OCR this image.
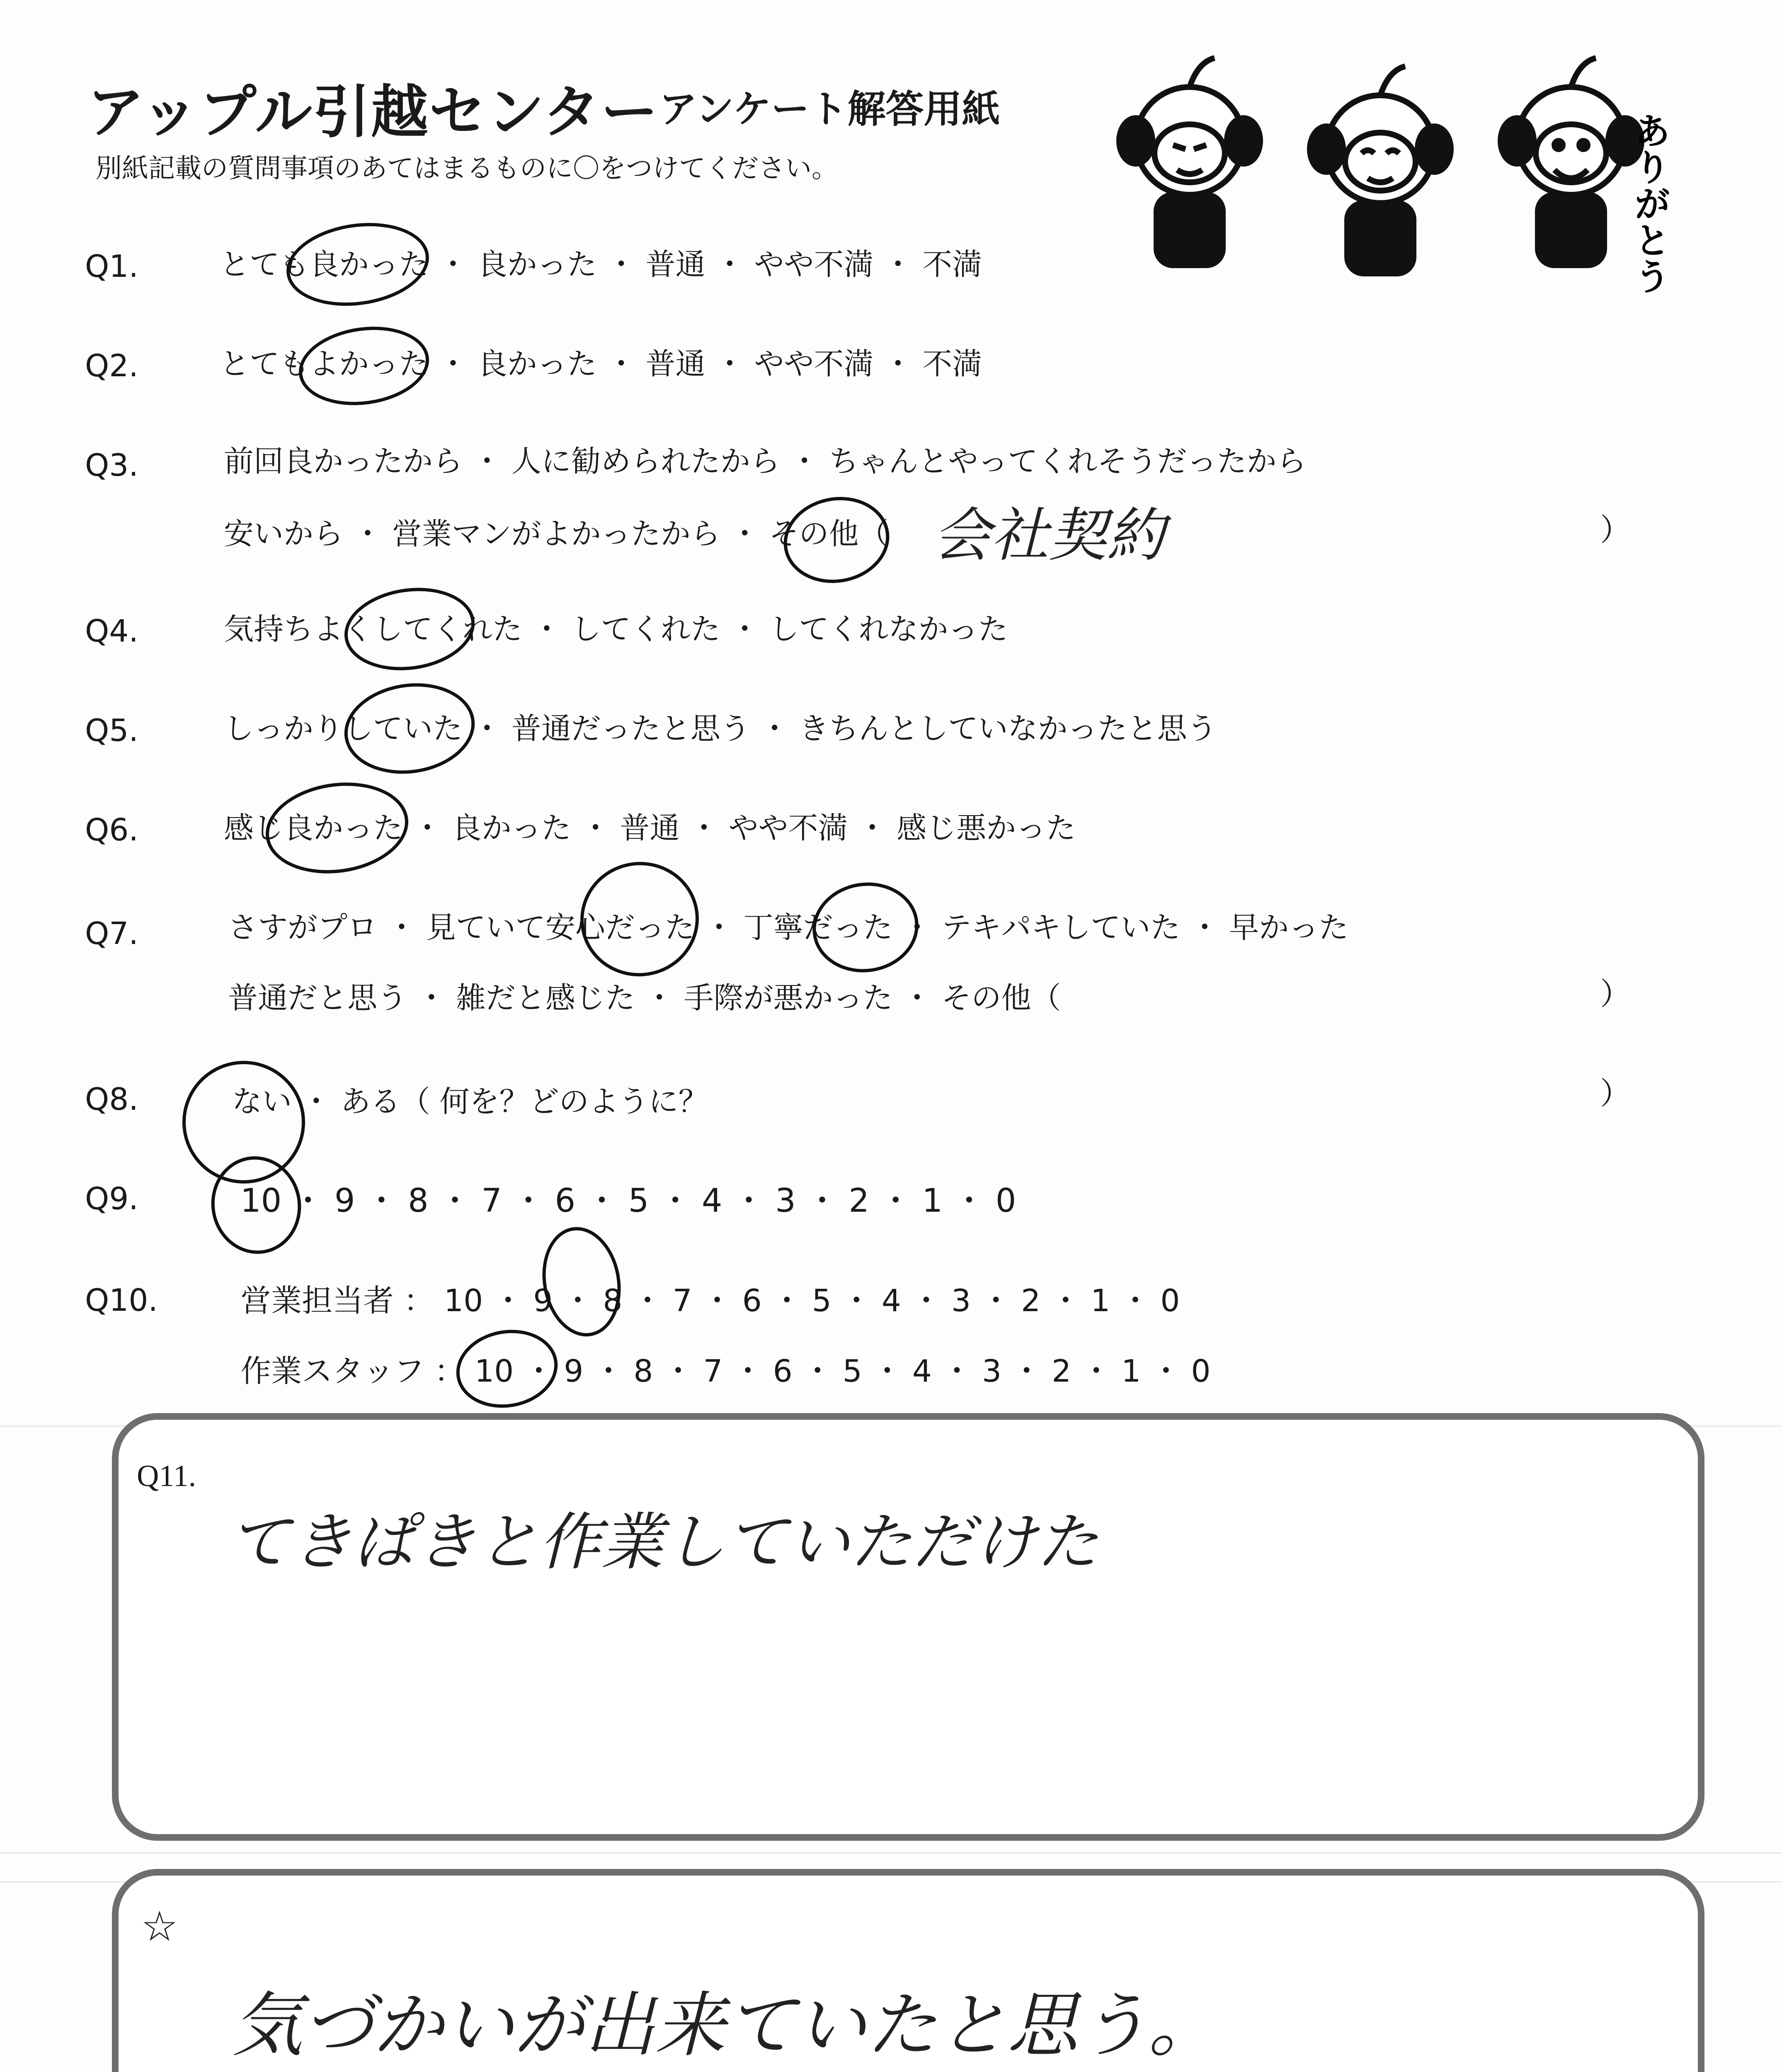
アップル引越センター アンケート解答用紙
別紙記載の質問事項のあてはまるものに〇をつけてください。	ありがとう
Q1.	とても良かった ・ 良かった ・ 普通 ・ やや不満 ・ 不満
Q2.	とてもよかった ・ 良かった ・ 普通 ・ やや不満 ・ 不満
Q3.	前回良かったから ・ 人に勧められたから ・ ちゃんとやってくれそうだったから
安いから ・ 営業マンがよかったから ・ その他（ 会社契約	）
Q4.	気持ちよくしてくれた ・ してくれた ・ してくれなかった
Q5.	しっかりしていた ・ 普通だったと思う ・ きちんとしていなかったと思う
Q6.	感じ良かった ・ 良かった ・ 普通 ・ やや不満 ・ 感じ悪かった
Q7.	さすがプロ ・ 見ていて安心だった ・ 丁寧だった ・ テキパキしていた ・ 早かった
普通だと思う ・ 雑だと感じた ・ 手際が悪かった ・ その他（	）
Q8.	ない ・ ある（ 何を？どのように？	）
Q9.	10 ・ 9 ・ 8 ・ 7 ・ 6 ・ 5 ・ 4 ・ 3 ・ 2 ・ 1 ・ 0
Q10.	営業担当者 ： 10 ・ 9 ・ 8 ・ 7 ・ 6 ・ 5 ・ 4 ・ 3 ・ 2 ・ 1 ・ 0
作業スタッフ ： 10 ・ 9 ・ 8 ・ 7 ・ 6 ・ 5 ・ 4 ・ 3 ・ 2 ・ 1 ・ 0
Q11.
てきぱきと作業していただけた
☆
気づかいが出来ていたと思う。
